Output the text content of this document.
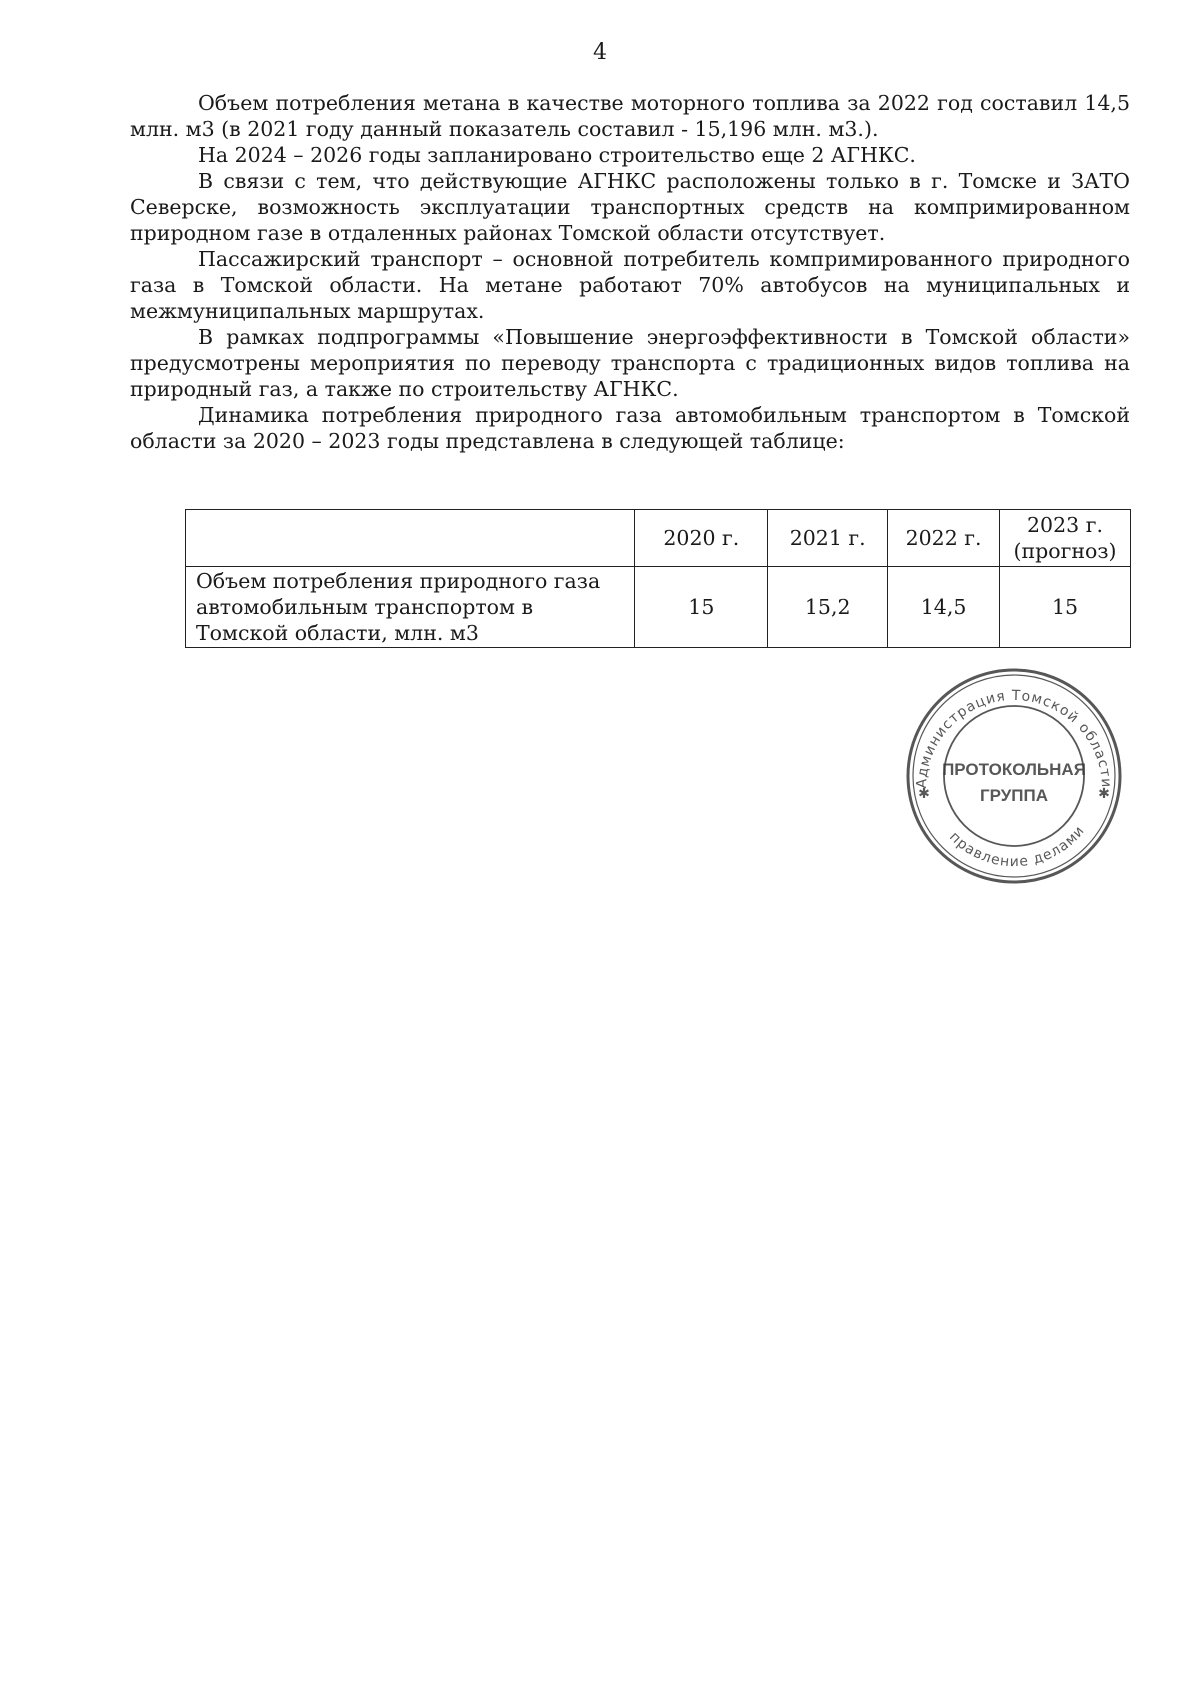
4

Объем потребления метана в качестве моторного топлива за 2022 год составил 14,5 млн. м3 (в 2021 году данный показатель составил - 15,196 млн. м3.).

На 2024 – 2026 годы запланировано строительство еще 2 АГНКС.

В связи с тем, что действующие АГНКС расположены только в г. Томске и ЗАТО Северске, возможность эксплуатации транспортных средств на компримированном природном газе в отдаленных районах Томской области отсутствует.

Пассажирский транспорт – основной потребитель компримированного природного газа в Томской области. На метане работают 70% автобусов на муниципальных и межмуниципальных маршрутах.

В рамках подпрограммы «Повышение энергоэффективности в Томской области» предусмотрены мероприятия по переводу транспорта с традиционных видов топлива на природный газ, а также по строительству АГНКС.

Динамика потребления природного газа автомобильным транспортом в Томской области за 2020 – 2023 годы представлена в следующей таблице:

	2020 г.	2021 г.	2022 г.	2023 г. (прогноз)
Объем потребления природного газа автомобильным транспортом в Томской области, млн. м3	15	15,2	14,5	15
Администрация Томской области
правление делами
ПРОТОКОЛЬНАЯ
ГРУППА
✱	✱
